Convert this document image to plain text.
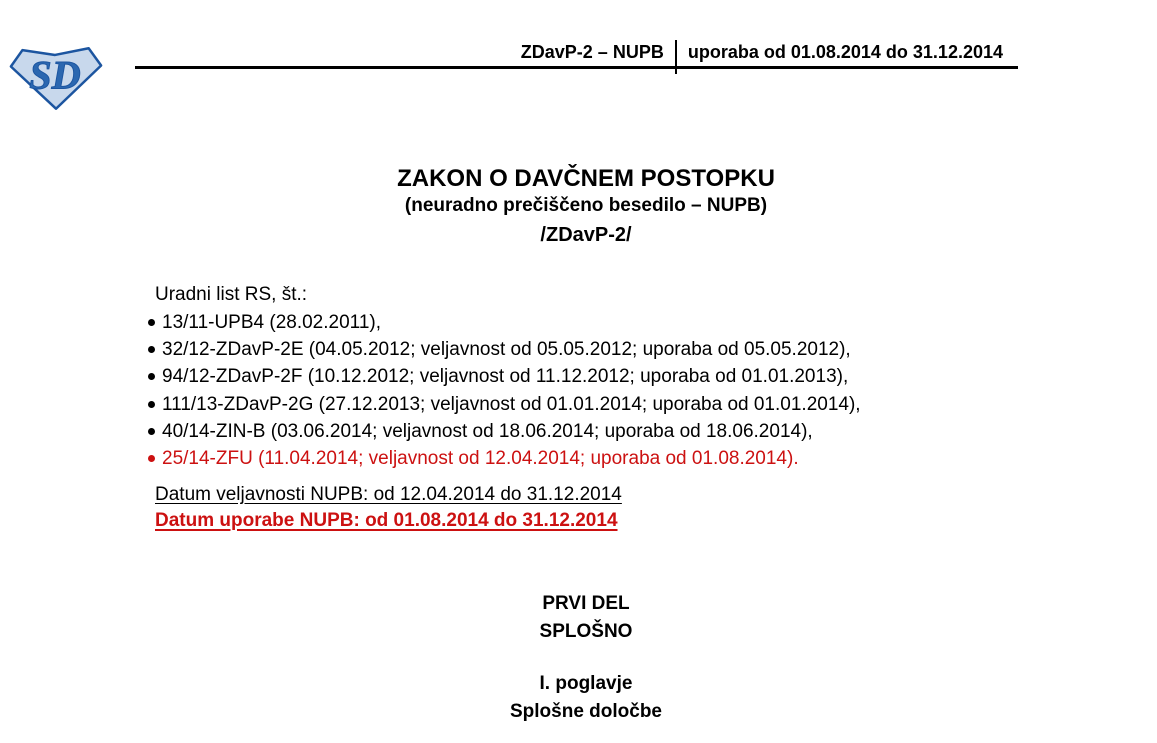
SD
ZDavP-2 – NUPB uporaba od 01.08.2014 do 31.12.2014
ZAKON O DAVČNEM POSTOPKU
(neuradno prečiščeno besedilo – NUPB)
/ZDavP-2/
Uradni list RS, št.:
13/11-UPB4 (28.02.2011),
32/12-ZDavP-2E (04.05.2012; veljavnost od 05.05.2012; uporaba od 05.05.2012),
94/12-ZDavP-2F (10.12.2012; veljavnost od 11.12.2012; uporaba od 01.01.2013),
111/13-ZDavP-2G (27.12.2013; veljavnost od 01.01.2014; uporaba od 01.01.2014),
40/14-ZIN-B (03.06.2014; veljavnost od 18.06.2014; uporaba od 18.06.2014),
25/14-ZFU (11.04.2014; veljavnost od 12.04.2014; uporaba od 01.08.2014).
Datum veljavnosti NUPB: od 12.04.2014 do 31.12.2014
Datum uporabe NUPB: od 01.08.2014 do 31.12.2014
PRVI DEL
SPLOŠNO
I. poglavje
Splošne določbe
